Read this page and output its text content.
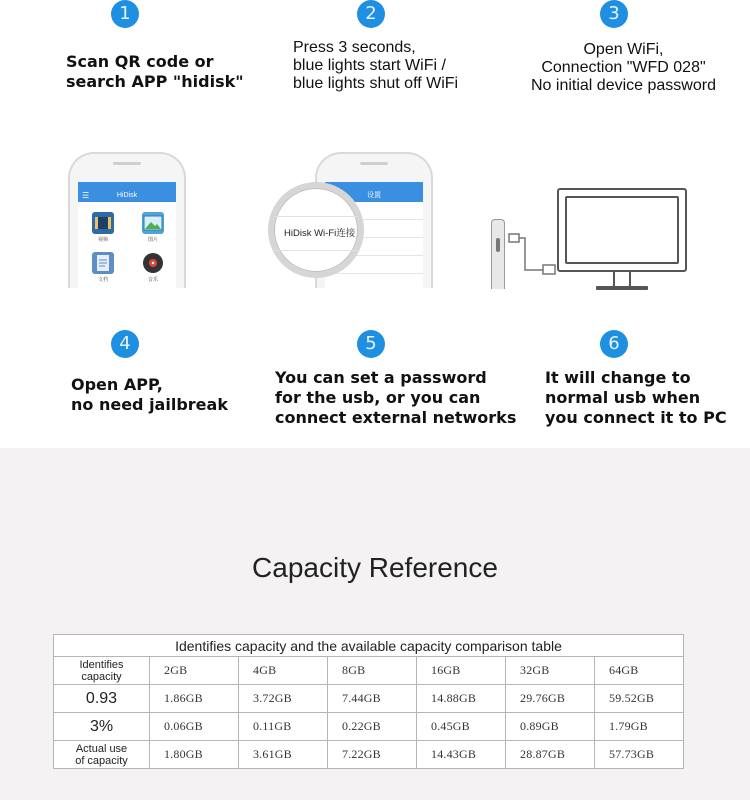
1	2	3
4	5	6
Scan QR code or
search APP "hidisk"
Press 3 seconds,
blue lights start WiFi /
blue lights shut off WiFi
Open WiFi,
Connection "WFD 028"
No initial device password
Open APP,
no need jailbreak
You can set a password
for the usb, or you can
connect external networks
It will change to
normal usb when
you connect it to PC
☰	HiDisk
视频	图片
文档	音乐
设置
HiDisk Wi-Fi连接
Capacity Reference
Identifies capacity and the available capacity comparison table						
Identifies
capacity	2GB	4GB	8GB	16GB	32GB	64GB
0.93	1.86GB	3.72GB	7.44GB	14.88GB	29.76GB	59.52GB
3%	0.06GB	0.11GB	0.22GB	0.45GB	0.89GB	1.79GB
Actual use
of capacity	1.80GB	3.61GB	7.22GB	14.43GB	28.87GB	57.73GB
